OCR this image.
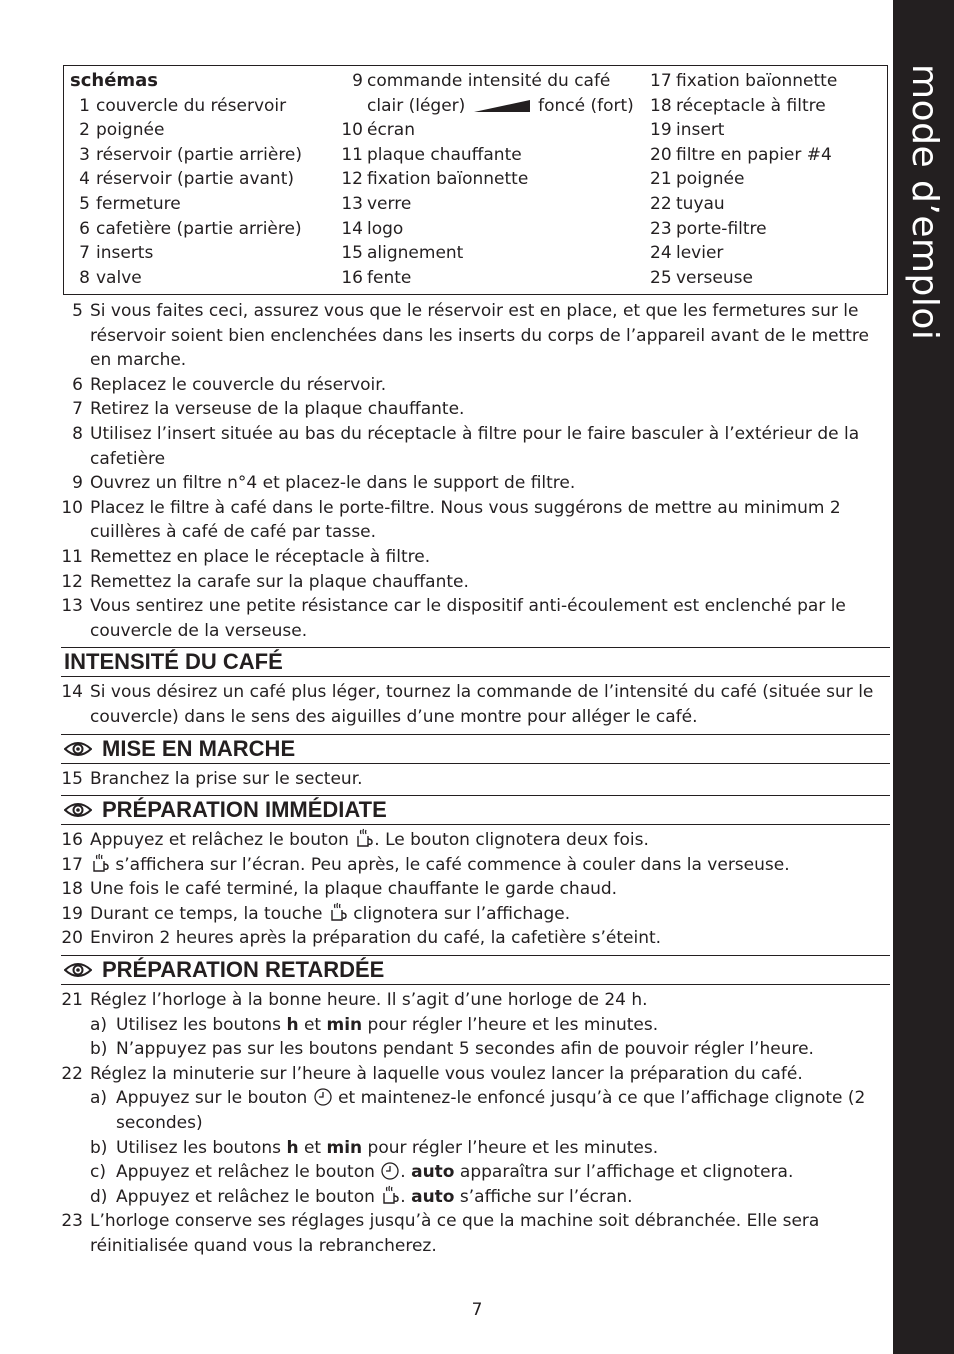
mode d’emploi
schémas
1 couvercle du réservoir
2 poignée
3 réservoir (partie arrière)
4 réservoir (partie avant)
5 fermeture
6 cafetière (partie arrière)
7 inserts
8 valve
9 commande intensité du café
clair (léger)	foncé (fort)
10 écran
11 plaque chauffante
12 fixation baïonnette
13 verre
14 logo
15 alignement
16 fente
17 fixation baïonnette
18 réceptacle à filtre
19 insert
20 filtre en papier #4
21 poignée
22 tuyau
23 porte-filtre
24 levier
25 verseuse
5 Si vous faites ceci, assurez vous que le réservoir est en place, et que les fermetures sur le réservoir soient bien enclenchées dans les inserts du corps de l’appareil avant de le mettre en marche.
6 Replacez le couvercle du réservoir.
7 Retirez la verseuse de la plaque chauffante.
8 Utilisez l’insert située au bas du réceptacle à filtre pour le faire basculer à l’extérieur de la cafetière
9 Ouvrez un filtre n°4 et placez-le dans le support de filtre.
10 Placez le filtre à café dans le porte-filtre. Nous vous suggérons de mettre au minimum 2 cuillères à café de café par tasse.
11 Remettez en place le réceptacle à filtre.
12 Remettez la carafe sur la plaque chauffante.
13 Vous sentirez une petite résistance car le dispositif anti-écoulement est enclenché par le couvercle de la verseuse.
INTENSITÉ DU CAFÉ
14 Si vous désirez un café plus léger, tournez la commande de l’intensité du café (située sur le couvercle) dans le sens des aiguilles d’une montre pour alléger le café.
MISE EN MARCHE
15 Branchez la prise sur le secteur.
PRÉPARATION IMMÉDIATE
16 Appuyez et relâchez le bouton . Le bouton clignotera deux fois.
17	s’affichera sur l’écran. Peu après, le café commence à couler dans la verseuse.
18 Une fois le café terminé, la plaque chauffante le garde chaud.
19 Durant ce temps, la touche clignotera sur l’affichage.
20 Environ 2 heures après la préparation du café, la cafetière s’éteint.
PRÉPARATION RETARDÉE
21 Réglez l’horloge à la bonne heure. Il s’agit d’une horloge de 24 h.
a) Utilisez les boutons h et min pour régler l’heure et les minutes.
b) N’appuyez pas sur les boutons pendant 5 secondes afin de pouvoir régler l’heure.
22 Réglez la minuterie sur l’heure à laquelle vous voulez lancer la préparation du café.
a) Appuyez sur le bouton et maintenez-le enfoncé jusqu’à ce que l’affichage clignote (2 secondes)
b) Utilisez les boutons h et min pour régler l’heure et les minutes.
c) Appuyez et relâchez le bouton . auto apparaîtra sur l’affichage et clignotera.
d) Appuyez et relâchez le bouton . auto s’affiche sur l’écran.
23 L’horloge conserve ses réglages jusqu’à ce que la machine soit débranchée. Elle sera réinitialisée quand vous la rebrancherez.
7
